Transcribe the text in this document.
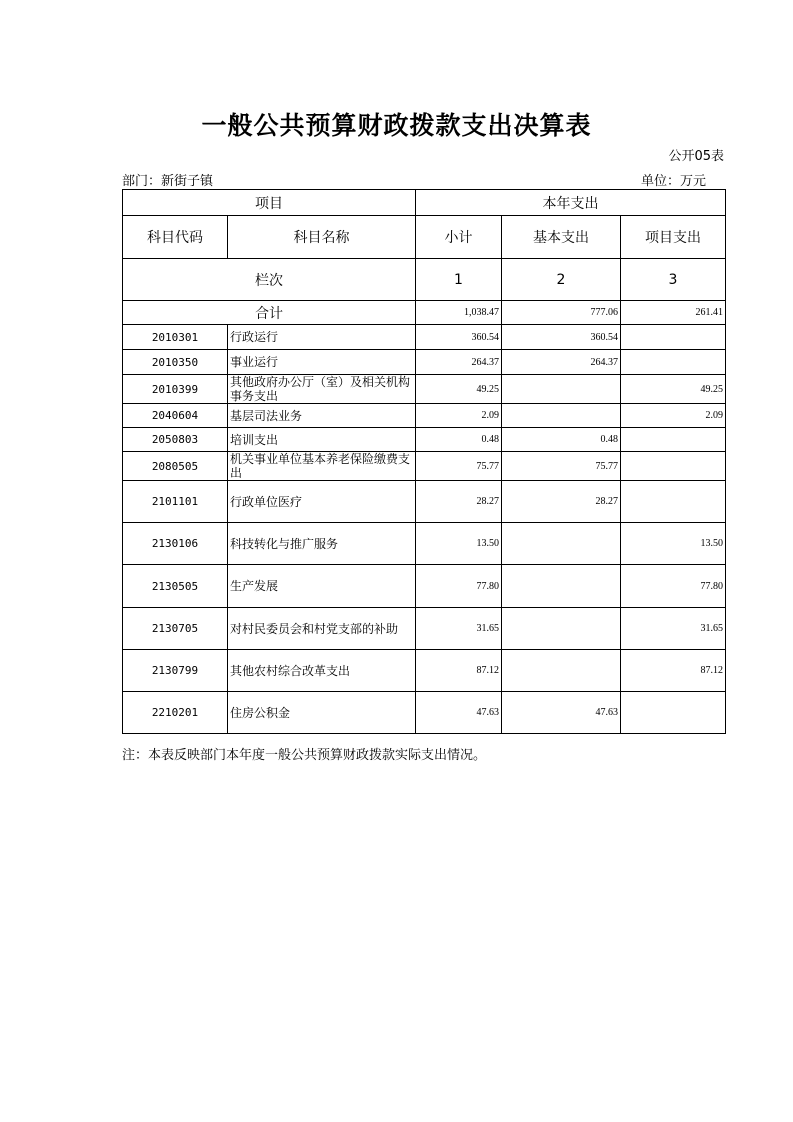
一般公共预算财政拨款支出决算表
公开05表
部门：新街子镇	单位：万元
项目		本年支出		
科目代码	科目名称	小计	基本支出	项目支出
栏次		1	2	3
合计		1,038.47	777.06	261.41
2010301	行政运行	360.54	360.54	
2010350	事业运行	264.37	264.37	
2010399	其他政府办公厅（室）及相关机构事务支出	49.25		49.25
2040604	基层司法业务	2.09		2.09
2050803	培训支出	0.48	0.48	
2080505	机关事业单位基本养老保险缴费支出	75.77	75.77	
2101101	行政单位医疗	28.27	28.27	
2130106	科技转化与推广服务	13.50		13.50
2130505	生产发展	77.80		77.80
2130705	对村民委员会和村党支部的补助	31.65		31.65
2130799	其他农村综合改革支出	87.12		87.12
2210201	住房公积金	47.63	47.63	
注：本表反映部门本年度一般公共预算财政拨款实际支出情况。
